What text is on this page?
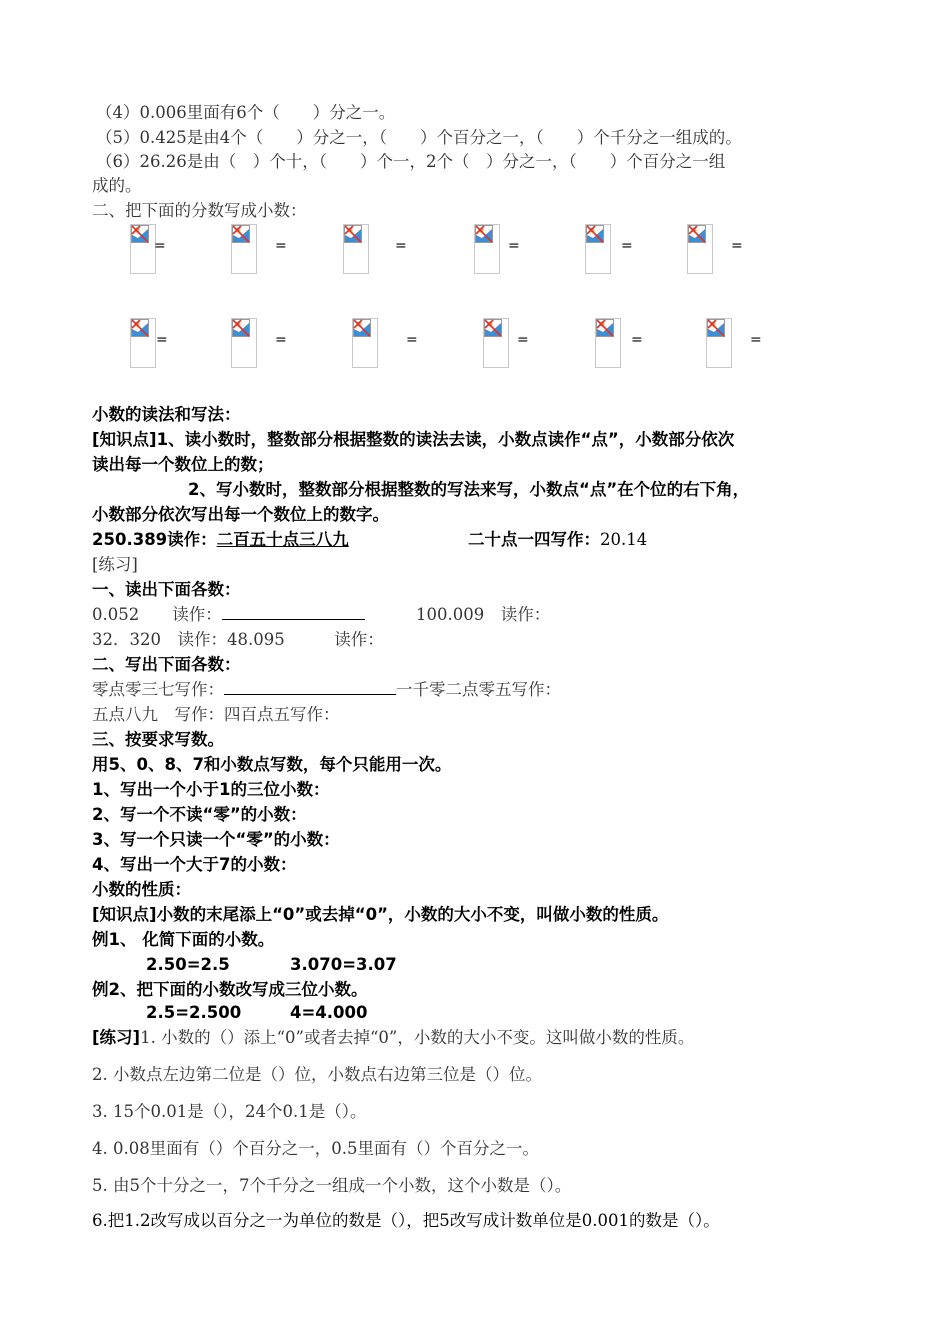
（4）0.006里面有6个（　　）分之一。
（5）0.425是由4个（　　）分之一，（　　）个百分之一，（　　）个千分之一组成的。
（6）26.26是由（　）个十，（　　）个一，2个（　）分之一，（　　）个百分之一组
成的。
二、把下面的分数写成小数：
=	=	=	=	=	=
=	=	=	=	=	=
小数的读法和写法：
[知识点]1、读小数时，整数部分根据整数的读法去读，小数点读作“点”，小数部分依次
读出每一个数位上的数；
2、写小数时，整数部分根据整数的写法来写，小数点“点”在个位的右下角，
小数部分依次写出每一个数位上的数字。
250.389读作：二百五十点三八九	二十点一四写作：20.14
[练习]
一、读出下面各数：
0.052　　读作：	100.009　读作：
32．320　读作：48.095　　　读作：
二、写出下面各数：
零点零三七写作：	一千零二点零五写作：
五点八九　写作：四百点五写作：
三、按要求写数。
用5、0、8、7和小数点写数，每个只能用一次。
1、写出一个小于1的三位小数：
2、写一个不读“零”的小数：
3、写一个只读一个“零”的小数：
4、写出一个大于7的小数：
小数的性质：
[知识点]小数的末尾添上“0”或去掉“0”，小数的大小不变，叫做小数的性质。
例1、 化简下面的小数。
2.50=2.5	3.070=3.07
例2、把下面的小数改写成三位小数。
2.5=2.500	4=4.000
[练习]1. 小数的（）添上“0”或者去掉“0”，小数的大小不变。这叫做小数的性质。
2. 小数点左边第二位是（）位，小数点右边第三位是（）位。
3. 15个0.01是（），24个0.1是（）。
4. 0.08里面有（）个百分之一，0.5里面有（）个百分之一。
5. 由5个十分之一，7个千分之一组成一个小数，这个小数是（）。
6.把1.2改写成以百分之一为单位的数是（），把5改写成计数单位是0.001的数是（）。
